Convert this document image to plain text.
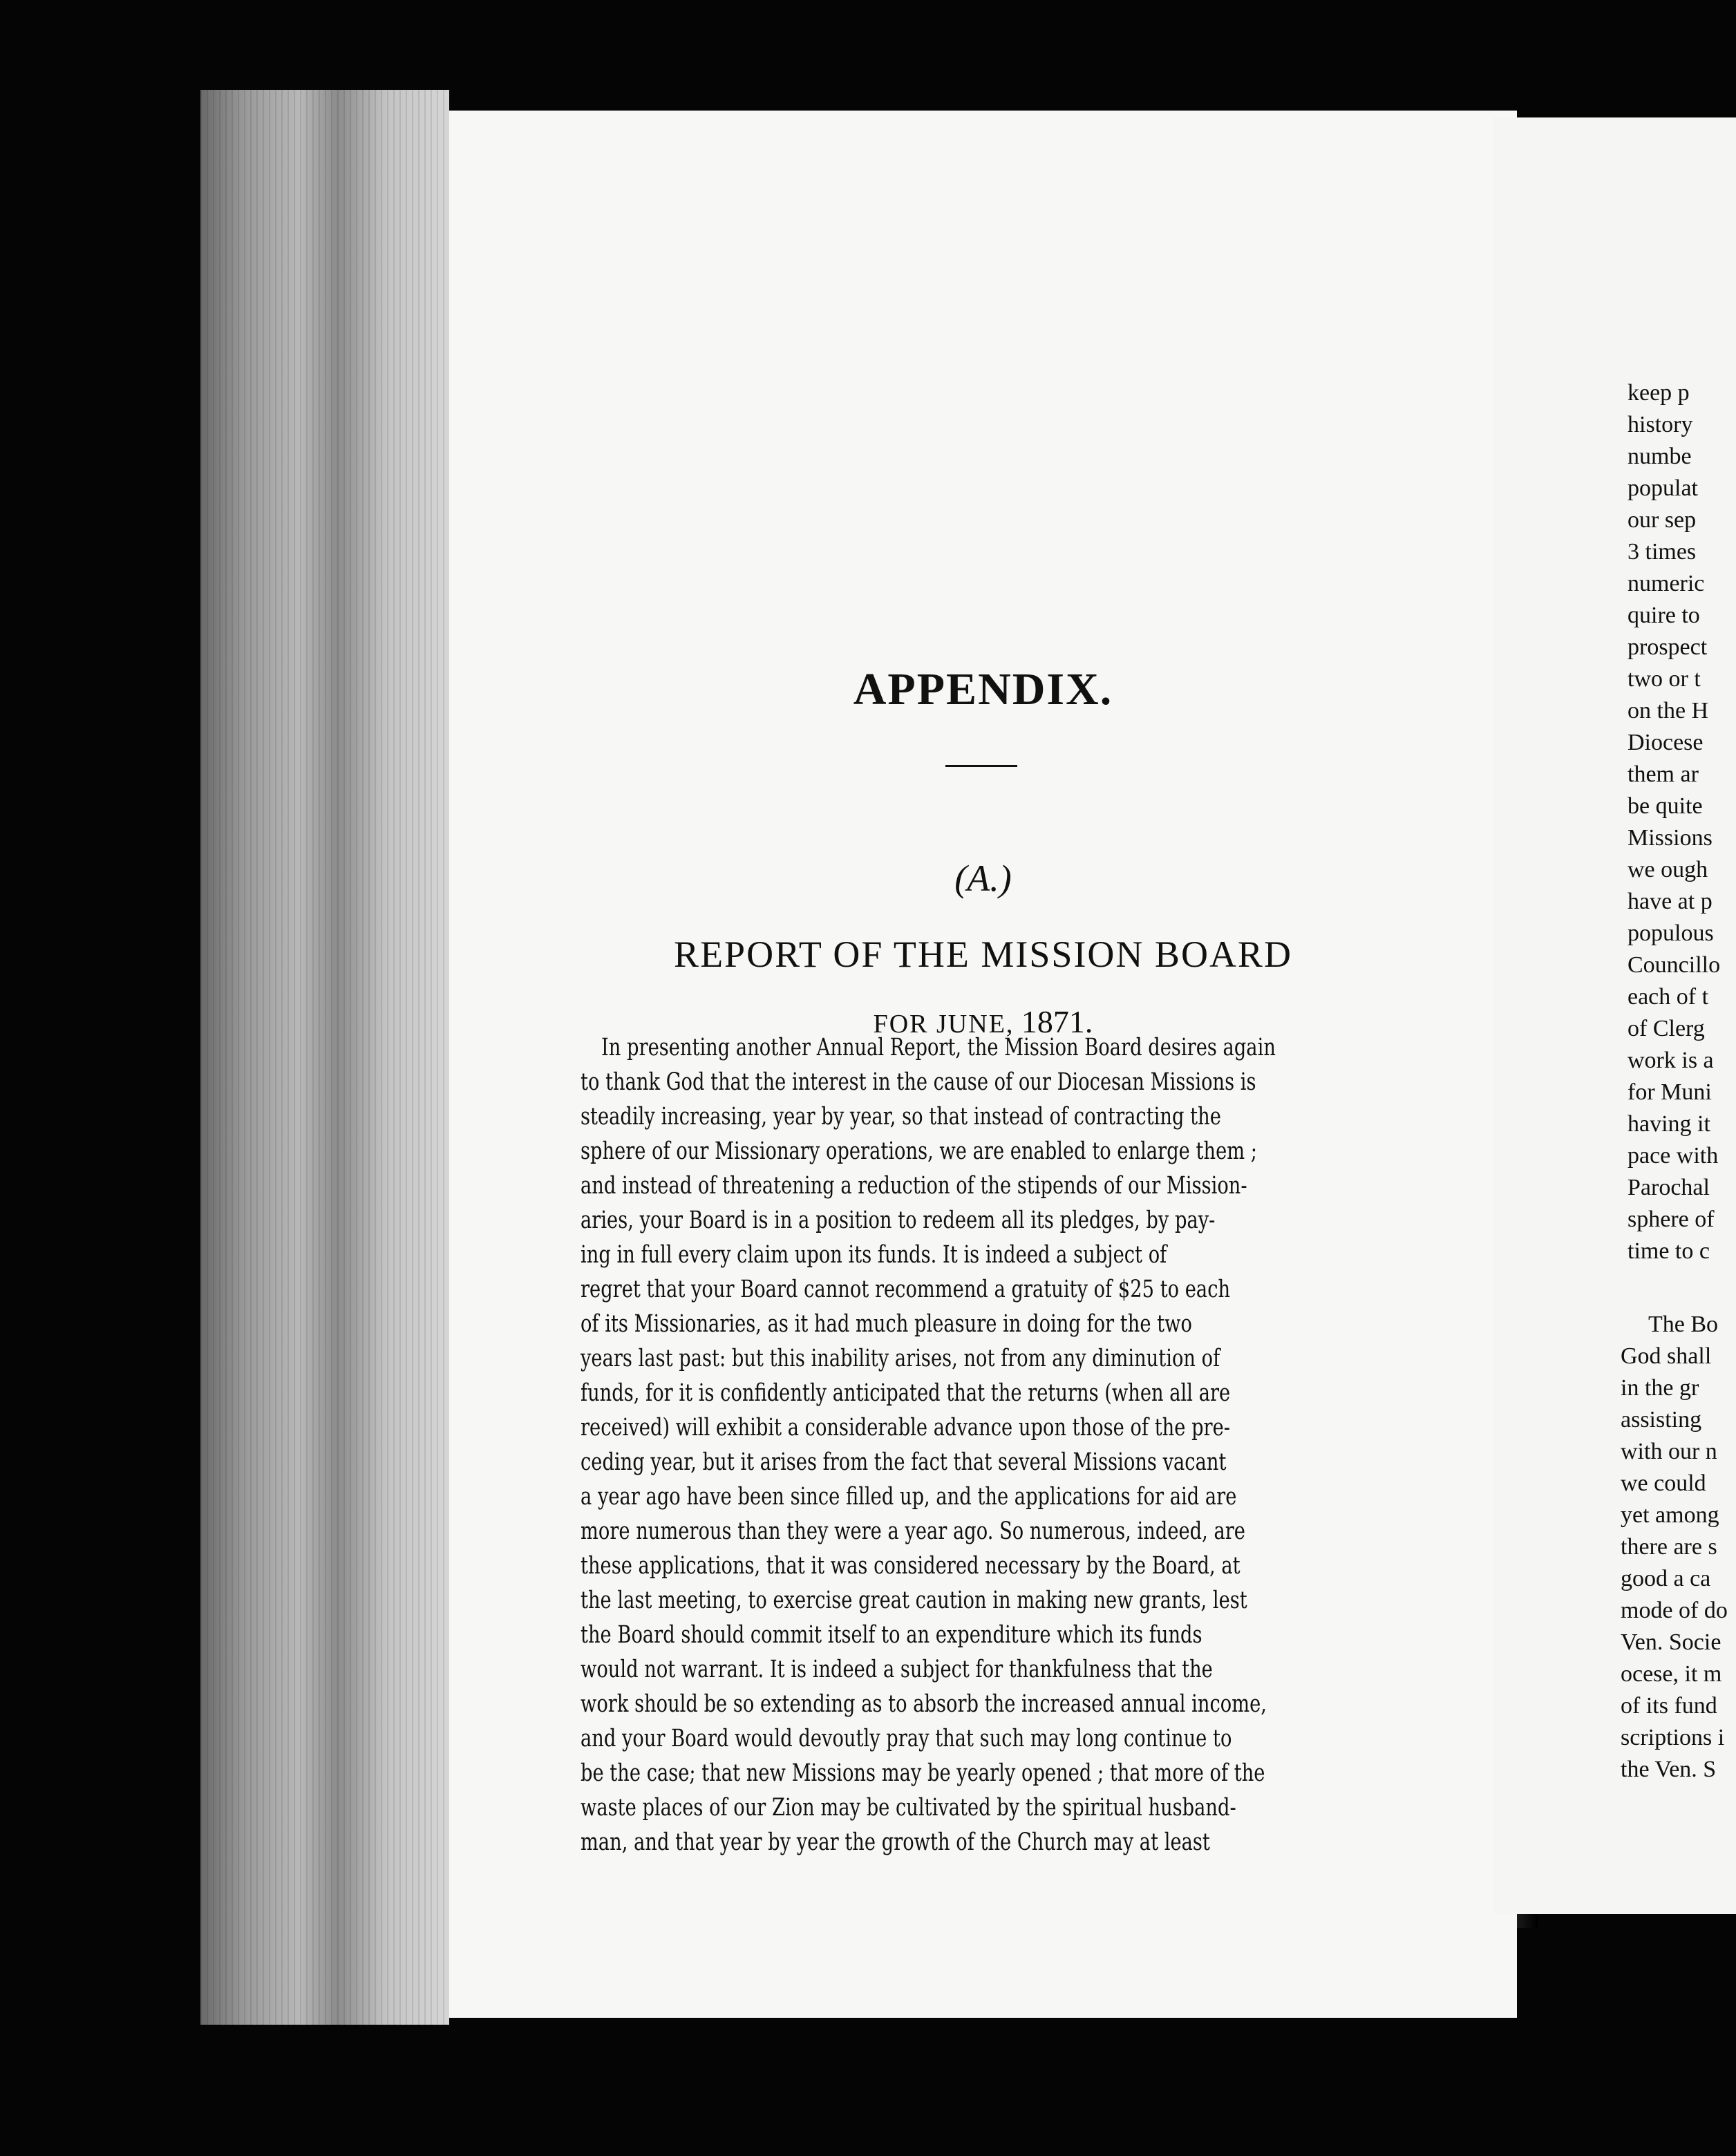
APPENDIX.
(A.)
REPORT OF THE MISSION BOARD
FOR JUNE, 1871.
In presenting another Annual Report, the Mission Board desires again
to thank God that the interest in the cause of our Diocesan Missions is
steadily increasing, year by year, so that instead of contracting the
sphere of our Missionary operations, we are enabled to enlarge them ;
and instead of threatening a reduction of the stipends of our Mission-
aries, your Board is in a position to redeem all its pledges, by pay-
ing in full every claim upon its funds. It is indeed a subject of
regret that your Board cannot recommend a gratuity of $25 to each
of its Missionaries, as it had much pleasure in doing for the two
years last past: but this inability arises, not from any diminution of
funds, for it is confidently anticipated that the returns (when all are
received) will exhibit a considerable advance upon those of the pre-
ceding year, but it arises from the fact that several Missions vacant
a year ago have been since filled up, and the applications for aid are
more numerous than they were a year ago. So numerous, indeed, are
these applications, that it was considered necessary by the Board, at
the last meeting, to exercise great caution in making new grants, lest
the Board should commit itself to an expenditure which its funds
would not warrant. It is indeed a subject for thankfulness that the
work should be so extending as to absorb the increased annual income,
and your Board would devoutly pray that such may long continue to
be the case; that new Missions may be yearly opened ; that more of the
waste places of our Zion may be cultivated by the spiritual husband-
man, and that year by year the growth of the Church may at least
keep p
history
numbe
populat
our sep
3 times
numeric
quire to
prospect
two or t
on the H
Diocese
them ar
be quite
Missions
we ough
have at p
populous
Councillo
each of t
of Clerg
work is a
for Muni
having it
pace with
Parochal
sphere of
time to c
The Bo
God shall
in the gr
assisting
with our n
we could
yet among
there are s
good a ca
mode of do
Ven. Socie
ocese, it m
of its fund
scriptions i
the Ven. S
